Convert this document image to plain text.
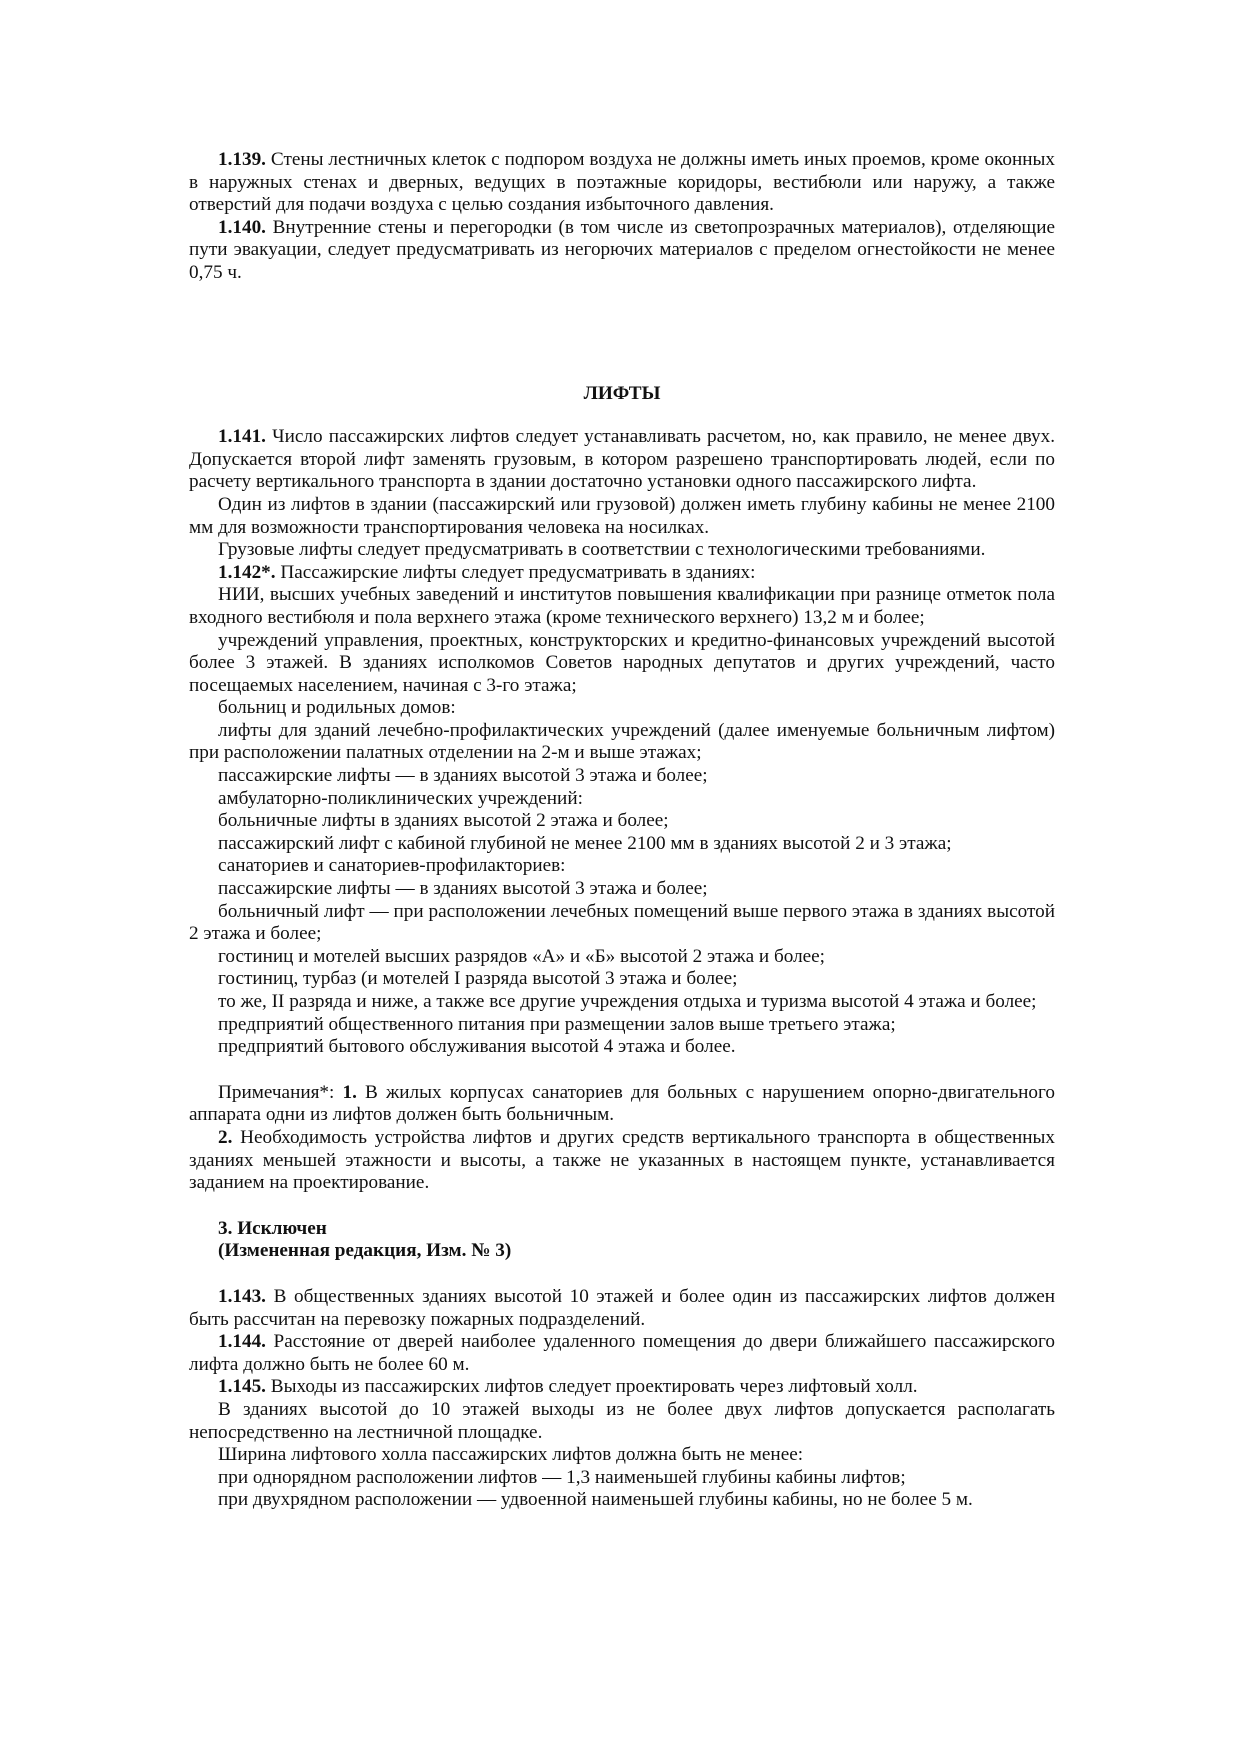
1.139. Стены лестничных клеток с подпором воздуха не должны иметь иных проемов, кроме оконных в наружных стенах и дверных, ведущих в поэтажные коридоры, вестибюли или наружу, а также отверстий для подачи воздуха с целью создания избыточного давления.

1.140. Внутренние стены и перегородки (в том числе из светопрозрачных материалов), отделяющие пути эвакуации, следует предусматривать из негорючих материалов с пределом огнестойкости не менее 0,75 ч.

ЛИФТЫ

1.141. Число пассажирских лифтов следует устанавливать расчетом, но, как правило, не менее двух. Допускается второй лифт заменять грузовым, в котором разрешено транспортировать людей, если по расчету вертикального транспорта в здании достаточно установки одного пассажирского лифта.

Один из лифтов в здании (пассажирский или грузовой) должен иметь глубину кабины не менее 2100 мм для возможности транспортирования человека на носилках.

Грузовые лифты следует предусматривать в соответствии с технологическими требованиями.

1.142*. Пассажирские лифты следует предусматривать в зданиях:

НИИ, высших учебных заведений и институтов повышения квалификации при разнице отметок пола входного вестибюля и пола верхнего этажа (кроме технического верхнего) 13,2 м и более;

учреждений управления, проектных, конструкторских и кредитно-финансовых учреждений высотой более 3 этажей. В зданиях исполкомов Советов народных депутатов и других учреждений, часто посещаемых населением, начиная с 3-го этажа;

больниц и родильных домов:

лифты для зданий лечебно-профилактических учреждений (далее именуемые больничным лифтом) при расположении палатных отделении на 2-м и выше этажах;

пассажирские лифты — в зданиях высотой 3 этажа и более;

амбулаторно-поликлинических учреждений:

больничные лифты в зданиях высотой 2 этажа и более;

пассажирский лифт с кабиной глубиной не менее 2100 мм в зданиях высотой 2 и 3 этажа;

санаториев и санаториев-профилакториев:

пассажирские лифты — в зданиях высотой 3 этажа и более;

больничный лифт — при расположении лечебных помещений выше первого этажа в зданиях высотой 2 этажа и более;

гостиниц и мотелей высших разрядов «А» и «Б» высотой 2 этажа и более;

гостиниц, турбаз (и мотелей I разряда высотой 3 этажа и более;

то же, II разряда и ниже, а также все другие учреждения отдыха и туризма высотой 4 этажа и более;

предприятий общественного питания при размещении залов выше третьего этажа;

предприятий бытового обслуживания высотой 4 этажа и более.

Примечания*: 1. В жилых корпусах санаториев для больных с нарушением опорно-двигательного аппарата одни из лифтов должен быть больничным.

2. Необходимость устройства лифтов и других средств вертикального транспорта в общественных зданиях меньшей этажности и высоты, а также не указанных в настоящем пункте, устанавливается заданием на проектирование.

3. Исключен

(Измененная редакция, Изм. № 3)

1.143. В общественных зданиях высотой 10 этажей и более один из пассажирских лифтов должен быть рассчитан на перевозку пожарных подразделений.

1.144. Расстояние от дверей наиболее удаленного помещения до двери ближайшего пассажирского лифта должно быть не более 60 м.

1.145. Выходы из пассажирских лифтов следует проектировать через лифтовый холл.

В зданиях высотой до 10 этажей выходы из не более двух лифтов допускается располагать непосредственно на лестничной площадке.

Ширина лифтового холла пассажирских лифтов должна быть не менее:

при однорядном расположении лифтов — 1,3 наименьшей глубины кабины лифтов;

при двухрядном расположении — удвоенной наименьшей глубины кабины, но не более 5 м.
